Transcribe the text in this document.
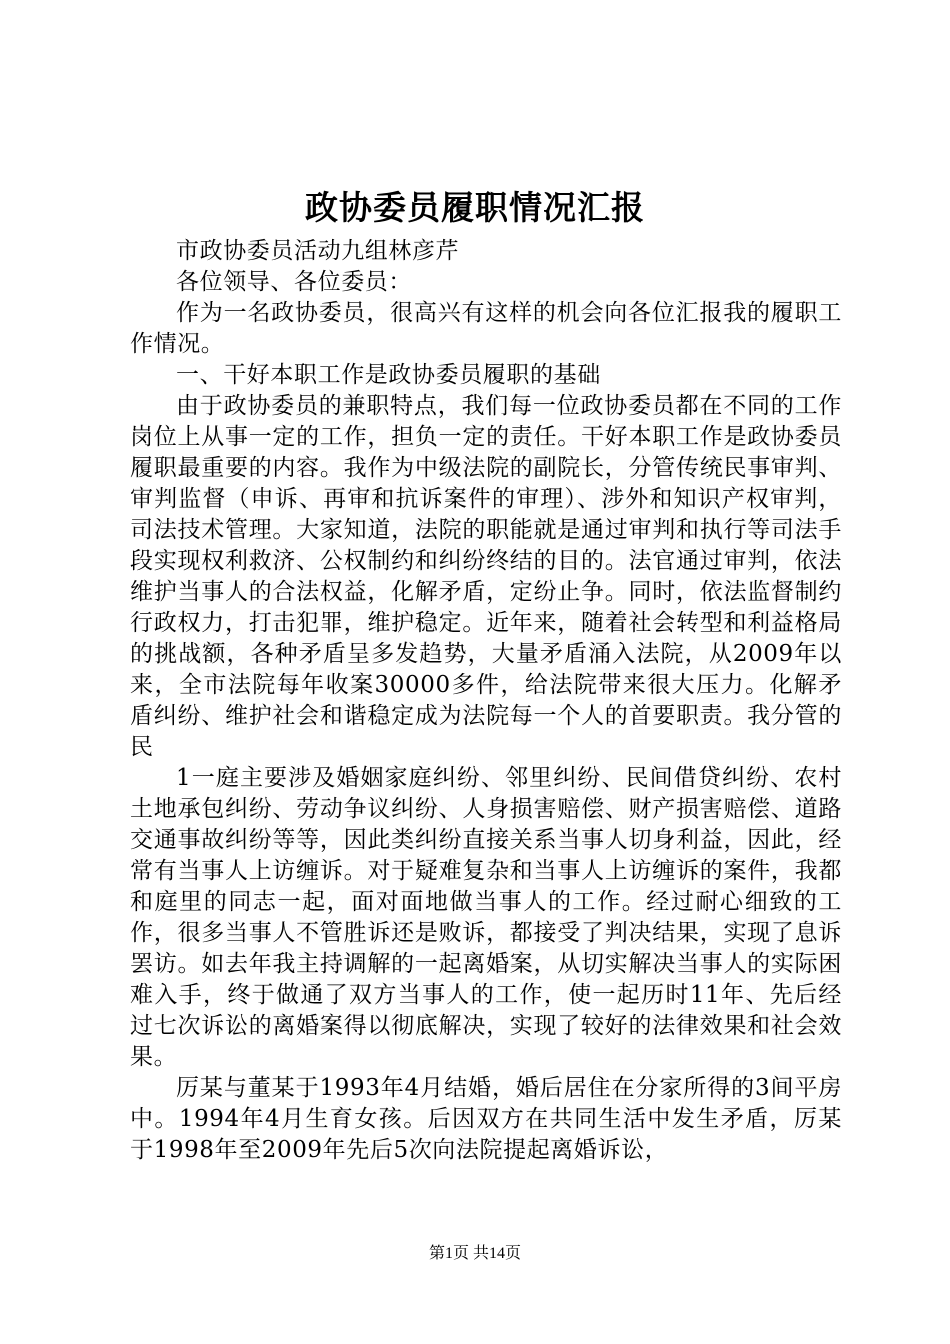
政协委员履职情况汇报

市政协委员活动九组林彦芹

各位领导、各位委员：

作为一名政协委员，很高兴有这样的机会向各位汇报我的履职工作情况。

一、干好本职工作是政协委员履职的基础

由于政协委员的兼职特点，我们每一位政协委员都在不同的工作岗位上从事一定的工作，担负一定的责任。干好本职工作是政协委员履职最重要的内容。我作为中级法院的副院长，分管传统民事审判、审判监督（申诉、再审和抗诉案件的审理）、涉外和知识产权审判，司法技术管理。大家知道，法院的职能就是通过审判和执行等司法手段实现权利救济、公权制约和纠纷终结的目的。法官通过审判，依法维护当事人的合法权益，化解矛盾，定纷止争。同时，依法监督制约行政权力，打击犯罪，维护稳定。近年来，随着社会转型和利益格局的挑战额，各种矛盾呈多发趋势，大量矛盾涌入法院，从2009年以来，全市法院每年收案30000多件，给法院带来很大压力。化解矛盾纠纷、维护社会和谐稳定成为法院每一个人的首要职责。我分管的民

1一庭主要涉及婚姻家庭纠纷、邻里纠纷、民间借贷纠纷、农村土地承包纠纷、劳动争议纠纷、人身损害赔偿、财产损害赔偿、道路交通事故纠纷等等，因此类纠纷直接关系当事人切身利益，因此，经常有当事人上访缠诉。对于疑难复杂和当事人上访缠诉的案件，我都和庭里的同志一起，面对面地做当事人的工作。经过耐心细致的工作，很多当事人不管胜诉还是败诉，都接受了判决结果，实现了息诉罢访。如去年我主持调解的一起离婚案，从切实解决当事人的实际困难入手，终于做通了双方当事人的工作，使一起历时11年、先后经过七次诉讼的离婚案得以彻底解决，实现了较好的法律效果和社会效果。

厉某与董某于1993年4月结婚，婚后居住在分家所得的3间平房中。1994年4月生育女孩。后因双方在共同生活中发生矛盾，厉某于1998年至2009年先后5次向法院提起离婚诉讼，

第1页 共14页
